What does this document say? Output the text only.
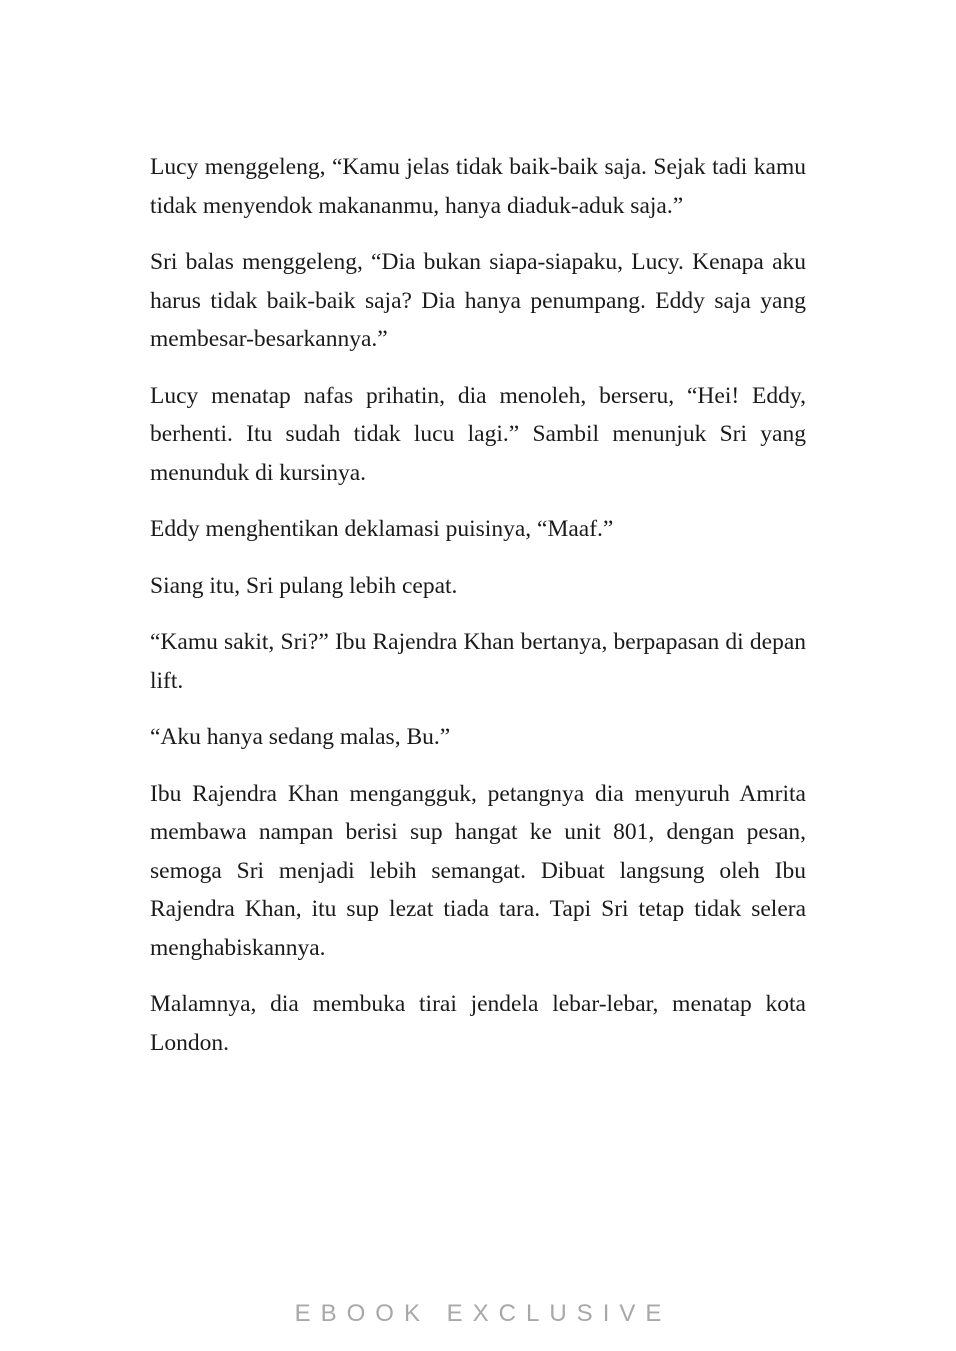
Lucy menggeleng, “Kamu jelas tidak baik-baik saja. Sejak tadi kamu tidak menyendok makananmu, hanya diaduk-aduk saja.”

Sri balas menggeleng, “Dia bukan siapa-siapaku, Lucy. Kenapa aku harus tidak baik-baik saja? Dia hanya penumpang. Eddy saja yang membesar-besarkannya.”

Lucy menatap nafas prihatin, dia menoleh, berseru, “Hei! Eddy, berhenti. Itu sudah tidak lucu lagi.” Sambil menunjuk Sri yang menunduk di kursinya.

Eddy menghentikan deklamasi puisinya, “Maaf.”

Siang itu, Sri pulang lebih cepat.

“Kamu sakit, Sri?” Ibu Rajendra Khan bertanya, berpapasan di depan lift.

“Aku hanya sedang malas, Bu.”

Ibu Rajendra Khan mengangguk, petangnya dia menyuruh Amrita membawa nampan berisi sup hangat ke unit 801, dengan pesan, semoga Sri menjadi lebih semangat. Dibuat langsung oleh Ibu Rajendra Khan, itu sup lezat tiada tara. Tapi Sri tetap tidak selera menghabiskannya.

Malamnya, dia membuka tirai jendela lebar-lebar, menatap kota London.

EBOOK EXCLUSIVE
